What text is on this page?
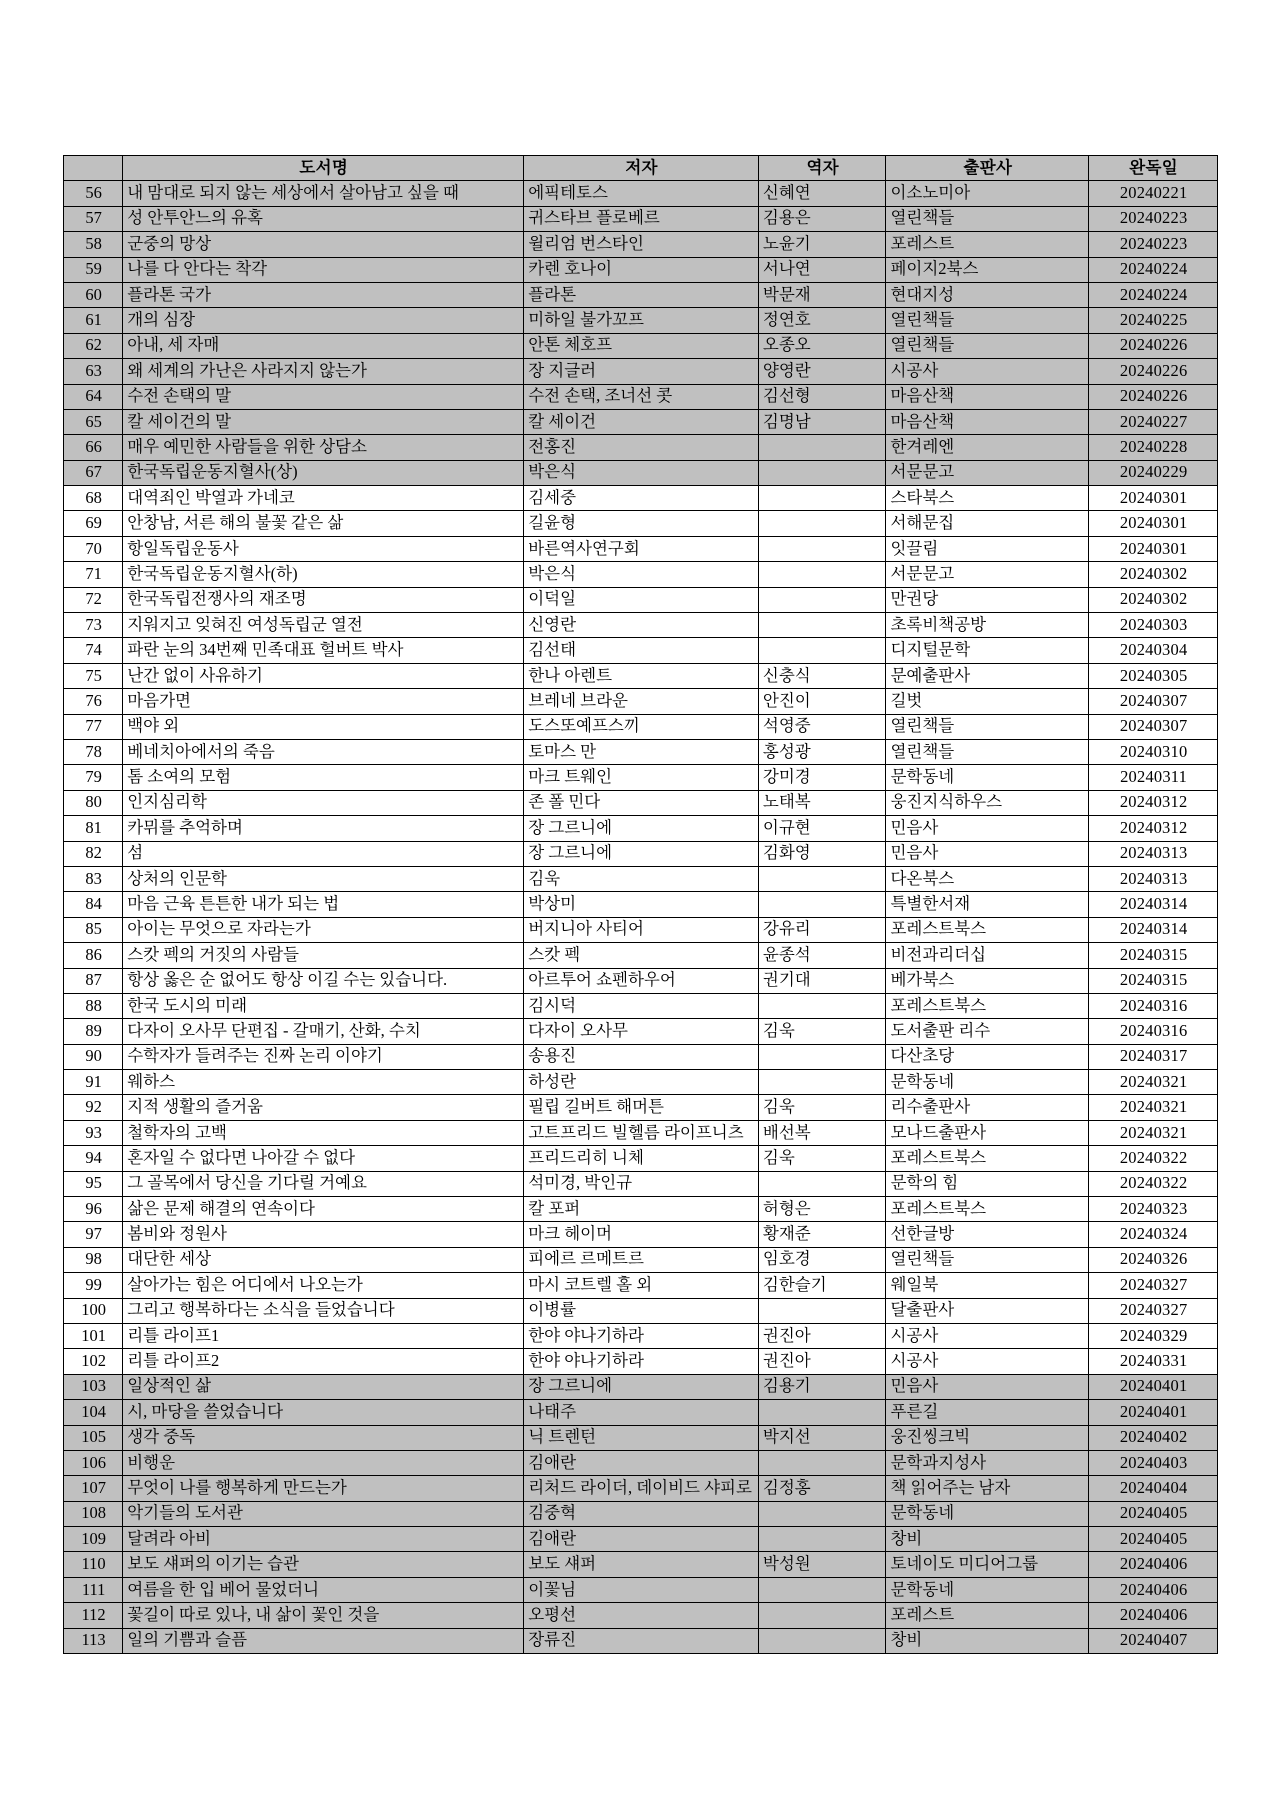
	도서명	저자	역자	출판사	완독일
56	내 맘대로 되지 않는 세상에서 살아남고 싶을 때	에픽테토스	신혜연	이소노미아	20240221
57	성 안투안느의 유혹	귀스타브 플로베르	김용은	열린책들	20240223
58	군중의 망상	윌리엄 번스타인	노윤기	포레스트	20240223
59	나를 다 안다는 착각	카렌 호나이	서나연	페이지2북스	20240224
60	플라톤 국가	플라톤	박문재	현대지성	20240224
61	개의 심장	미하일 불가꼬프	정연호	열린책들	20240225
62	아내, 세 자매	안톤 체호프	오종오	열린책들	20240226
63	왜 세계의 가난은 사라지지 않는가	장 지글러	양영란	시공사	20240226
64	수전 손택의 말	수전 손택, 조너선 콧	김선형	마음산책	20240226
65	칼 세이건의 말	칼 세이건	김명남	마음산책	20240227
66	매우 예민한 사람들을 위한 상담소	전홍진		한겨레엔	20240228
67	한국독립운동지혈사(상)	박은식		서문문고	20240229
68	대역죄인 박열과 가네코	김세중		스타북스	20240301
69	안창남, 서른 해의 불꽃 같은 삶	길윤형		서해문집	20240301
70	항일독립운동사	바른역사연구회		잇끌림	20240301
71	한국독립운동지혈사(하)	박은식		서문문고	20240302
72	한국독립전쟁사의 재조명	이덕일		만권당	20240302
73	지워지고 잊혀진 여성독립군 열전	신영란		초록비책공방	20240303
74	파란 눈의 34번째 민족대표 헐버트 박사	김선태		디지털문학	20240304
75	난간 없이 사유하기	한나 아렌트	신충식	문예출판사	20240305
76	마음가면	브레네 브라운	안진이	길벗	20240307
77	백야 외	도스또예프스끼	석영중	열린책들	20240307
78	베네치아에서의 죽음	토마스 만	홍성광	열린책들	20240310
79	톰 소여의 모험	마크 트웨인	강미경	문학동네	20240311
80	인지심리학	존 폴 민다	노태복	웅진지식하우스	20240312
81	카뮈를 추억하며	장 그르니에	이규현	민음사	20240312
82	섬	장 그르니에	김화영	민음사	20240313
83	상처의 인문학	김욱		다온북스	20240313
84	마음 근육 튼튼한 내가 되는 법	박상미		특별한서재	20240314
85	아이는 무엇으로 자라는가	버지니아 사티어	강유리	포레스트북스	20240314
86	스캇 펙의 거짓의 사람들	스캇 펙	윤종석	비전과리더십	20240315
87	항상 옳은 순 없어도 항상 이길 수는 있습니다.	아르투어 쇼펜하우어	권기대	베가북스	20240315
88	한국 도시의 미래	김시덕		포레스트북스	20240316
89	다자이 오사무 단편집 - 갈매기, 산화, 수치	다자이 오사무	김욱	도서출판 리수	20240316
90	수학자가 들려주는 진짜 논리 이야기	송용진		다산초당	20240317
91	웨하스	하성란		문학동네	20240321
92	지적 생활의 즐거움	필립 길버트 해머튼	김욱	리수출판사	20240321
93	철학자의 고백	고트프리드 빌헬름 라이프니츠	배선복	모나드출판사	20240321
94	혼자일 수 없다면 나아갈 수 없다	프리드리히 니체	김욱	포레스트북스	20240322
95	그 골목에서 당신을 기다릴 거예요	석미경, 박인규		문학의 힘	20240322
96	삶은 문제 해결의 연속이다	칼 포퍼	허형은	포레스트북스	20240323
97	봄비와 정원사	마크 헤이머	황재준	선한글방	20240324
98	대단한 세상	피에르 르메트르	임호경	열린책들	20240326
99	살아가는 힘은 어디에서 나오는가	마시 코트렐 홀 외	김한슬기	웨일북	20240327
100	그리고 행복하다는 소식을 들었습니다	이병률		달출판사	20240327
101	리틀 라이프1	한야 야나기하라	권진아	시공사	20240329
102	리틀 라이프2	한야 야나기하라	권진아	시공사	20240331
103	일상적인 삶	장 그르니에	김용기	민음사	20240401
104	시, 마당을 쓸었습니다	나태주		푸른길	20240401
105	생각 중독	닉 트렌턴	박지선	웅진씽크빅	20240402
106	비행운	김애란		문학과지성사	20240403
107	무엇이 나를 행복하게 만드는가	리처드 라이더, 데이비드 샤피로	김정홍	책 읽어주는 남자	20240404
108	악기들의 도서관	김중혁		문학동네	20240405
109	달려라 아비	김애란		창비	20240405
110	보도 섀퍼의 이기는 습관	보도 섀퍼	박성원	토네이도 미디어그룹	20240406
111	여름을 한 입 베어 물었더니	이꽃님		문학동네	20240406
112	꽃길이 따로 있나, 내 삶이 꽃인 것을	오평선		포레스트	20240406
113	일의 기쁨과 슬픔	장류진		창비	20240407
